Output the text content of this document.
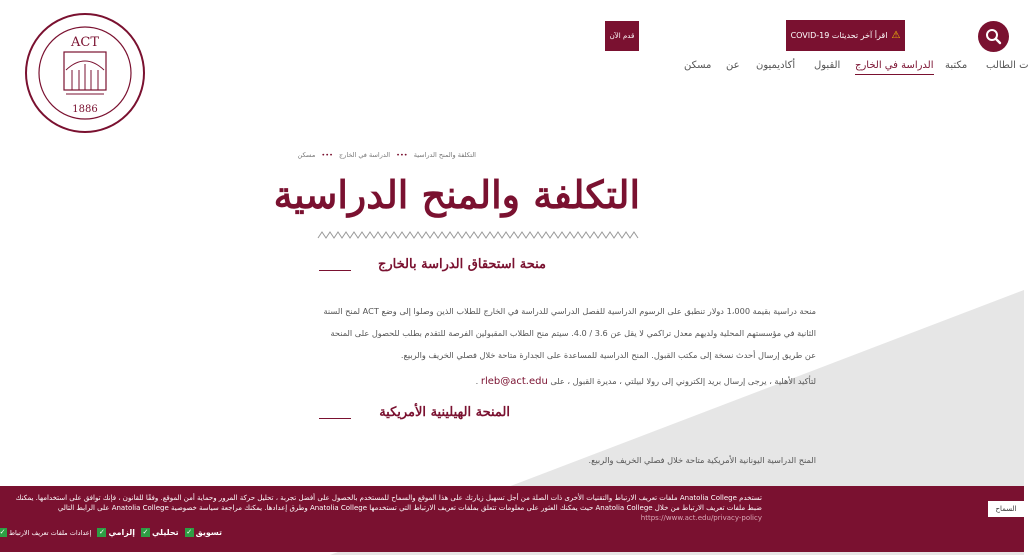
ACT
1886
قدم الآن	COVID-19 اقرأ آخر تحديثات ⚠
ت الطالب
مكتبة
الدراسة في الخارج
القبول
أكاديميون
عن
مسكن
التكلفة والمنح الدراسية ••• الدراسة في الخارج ••• مسكن
التكلفة والمنح الدراسية
منحة استحقاق الدراسة بالخارج

منحة دراسية بقيمة 1،000 دولار تنطبق على الرسوم الدراسية للفصل الدراسي للدراسة في الخارج للطلاب الذين وصلوا إلى وضع ACT لمنح السنة الثانية في مؤسستهم المحلية ولديهم معدل تراكمي لا يقل عن 3.6 / 4.0. سيتم منح الطلاب المقبولين الفرصة للتقدم بطلب للحصول على المنحة عن طريق إرسال أحدث نسخة إلى مكتب القبول. المنح الدراسية للمساعدة على الجدارة متاحة خلال فصلي الخريف والربيع.

لتأكيد الأهلية ، يرجى إرسال بريد إلكتروني إلى رولا لبيلتي ، مديرة القبول ، على rleb@act.edu .

المنحة الهيلينية الأمريكية

المنح الدراسية اليونانية الأمريكية متاحة خلال فصلي الخريف والربيع.

تستخدم Anatolia College ملفات تعريف الارتباط والتقنيات الأخرى ذات الصلة من أجل تسهيل زيارتك على هذا الموقع والسماح للمستخدم بالحصول على أفضل تجربة ، تحليل حركة المرور وحماية أمن الموقع. وفقًا للقانون ، فإنك توافق على استخدامها. يمكنك ضبط ملفات تعريف الارتباط من خلال Anatolia College حيث يمكنك العثور على معلومات تتعلق بملفات تعريف الارتباط التي تستخدمها Anatolia College وطرق إعدادها. يمكنك مراجعة سياسة خصوصية Anatolia College على الرابط التالي https://www.act.edu/privacy-policy

السماح
تسويق
✓
تحليلي
✓
إلزامي
✓
إعدادات ملفات تعريف الارتباط
✓
